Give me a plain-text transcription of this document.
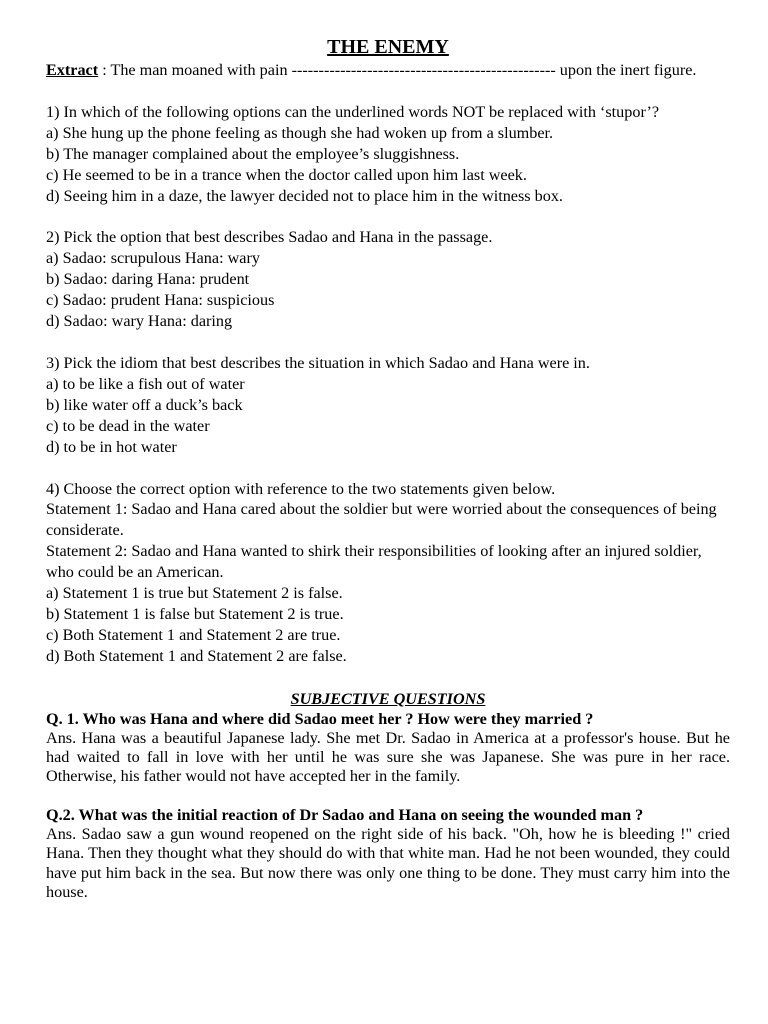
THE ENEMY

Extract : The man moaned with pain ------------------------------------------------- upon the inert figure.

1) In which of the following options can the underlined words NOT be replaced with ‘stupor’?

a) She hung up the phone feeling as though she had woken up from a slumber.

b) The manager complained about the employee’s sluggishness.

c) He seemed to be in a trance when the doctor called upon him last week.

d) Seeing him in a daze, the lawyer decided not to place him in the witness box.

2) Pick the option that best describes Sadao and Hana in the passage.

a) Sadao: scrupulous Hana: wary

b) Sadao: daring Hana: prudent

c) Sadao: prudent Hana: suspicious

d) Sadao: wary Hana: daring

3) Pick the idiom that best describes the situation in which Sadao and Hana were in.

a) to be like a fish out of water

b) like water off a duck’s back

c) to be dead in the water

d) to be in hot water

4) Choose the correct option with reference to the two statements given below.

Statement 1: Sadao and Hana cared about the soldier but were worried about the consequences of being considerate.

Statement 2: Sadao and Hana wanted to shirk their responsibilities of looking after an injured soldier, who could be an American.

a) Statement 1 is true but Statement 2 is false.

b) Statement 1 is false but Statement 2 is true.

c) Both Statement 1 and Statement 2 are true.

d) Both Statement 1 and Statement 2 are false.

SUBJECTIVE QUESTIONS

Q. 1. Who was Hana and where did Sadao meet her ? How were they married ?

Ans. Hana was a beautiful Japanese lady. She met Dr. Sadao in America at a professor's house. But he had waited to fall in love with her until he was sure she was Japanese. She was pure in her race. Otherwise, his father would not have accepted her in the family.

Q.2. What was the initial reaction of Dr Sadao and Hana on seeing the wounded man ?

Ans. Sadao saw a gun wound reopened on the right side of his back. "Oh, how he is bleeding !" cried Hana. Then they thought what they should do with that white man. Had he not been wounded, they could have put him back in the sea. But now there was only one thing to be done. They must carry him into the house.
